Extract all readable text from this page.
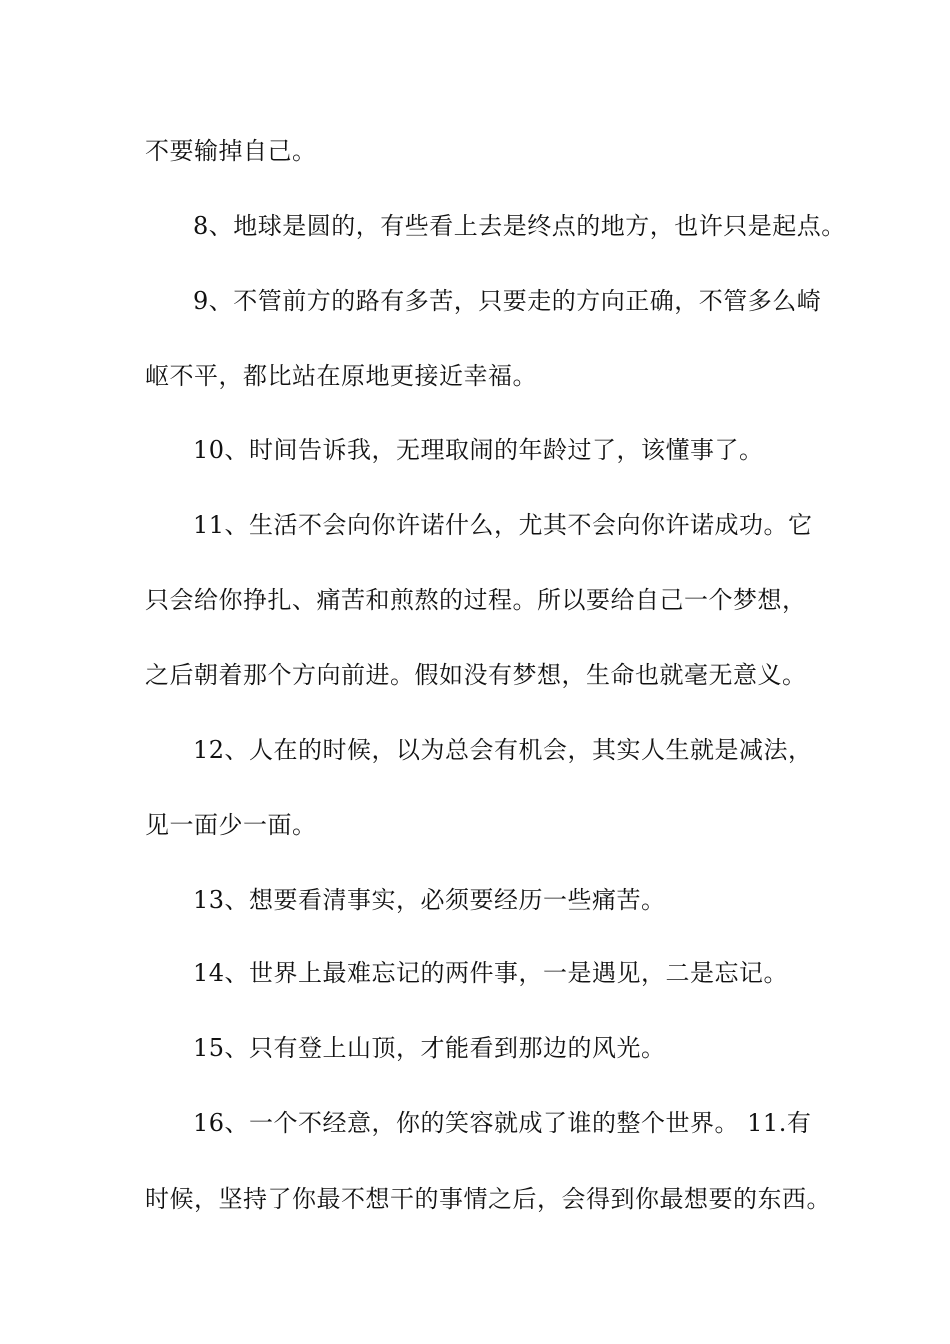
不要输掉自己。
8、地球是圆的，有些看上去是终点的地方，也许只是起点。
9、不管前方的路有多苦，只要走的方向正确，不管多么崎
岖不平，都比站在原地更接近幸福。
10、时间告诉我，无理取闹的年龄过了，该懂事了。
11、生活不会向你许诺什么，尤其不会向你许诺成功。它
只会给你挣扎、痛苦和煎熬的过程。所以要给自己一个梦想，
之后朝着那个方向前进。假如没有梦想，生命也就毫无意义。
12、人在的时候，以为总会有机会，其实人生就是减法，
见一面少一面。
13、想要看清事实，必须要经历一些痛苦。
14、世界上最难忘记的两件事，一是遇见，二是忘记。
15、只有登上山顶，才能看到那边的风光。
16、一个不经意，你的笑容就成了谁的整个世界。 11.有
时候，坚持了你最不想干的事情之后，会得到你最想要的东西。
